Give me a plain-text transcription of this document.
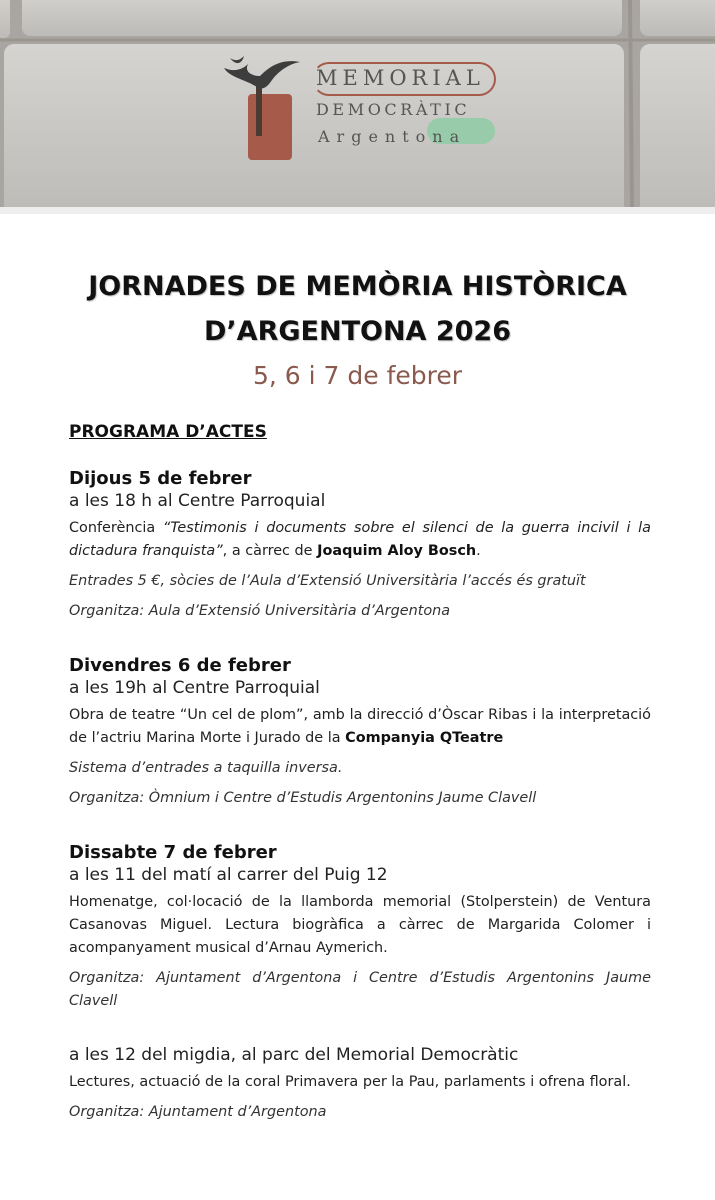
MEMORIAL
DEMOCRÀTIC
Argentona
JORNADES DE MEMÒRIA HISTÒRICA
D’ARGENTONA 2026
5, 6 i 7 de febrer
PROGRAMA D’ACTES
Dijous 5 de febrer
a les 18 h al Centre Parroquial
Conferència “Testimonis i documents sobre el silenci de la guerra incivil i la dictadura franquista”, a càrrec de Joaquim Aloy Bosch.
Entrades 5 €, sòcies de l’Aula d’Extensió Universitària l’accés és gratuït
Organitza: Aula d’Extensió Universitària d’Argentona
Divendres 6 de febrer
a les 19h al Centre Parroquial
Obra de teatre “Un cel de plom”, amb la direcció d’Òscar Ribas i la interpretació de l’actriu Marina Morte i Jurado de la Companyia QTeatre
Sistema d’entrades a taquilla inversa.
Organitza: Òmnium i Centre d’Estudis Argentonins Jaume Clavell
Dissabte 7 de febrer
a les 11 del matí al carrer del Puig 12
Homenatge, col·locació de la llamborda memorial (Stolperstein) de Ventura Casanovas Miguel. Lectura biogràfica a càrrec de Margarida Colomer i acompanyament musical d’Arnau Aymerich.
Organitza: Ajuntament d’Argentona i Centre d’Estudis Argentonins Jaume Clavell
a les 12 del migdia, al parc del Memorial Democràtic
Lectures, actuació de la coral Primavera per la Pau, parlaments i ofrena floral.
Organitza: Ajuntament d’Argentona
